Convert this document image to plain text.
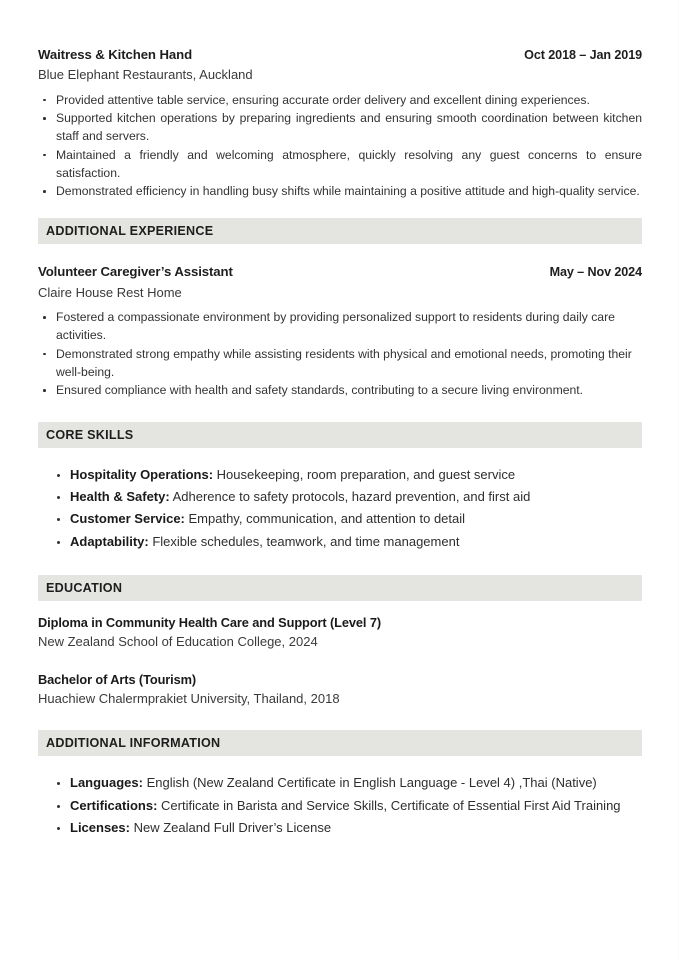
Waitress & Kitchen Hand	Oct 2018 – Jan 2019
Blue Elephant Restaurants, Auckland
Provided attentive table service, ensuring accurate order delivery and excellent dining experiences.
Supported kitchen operations by preparing ingredients and ensuring smooth coordination between kitchen staff and servers.
Maintained a friendly and welcoming atmosphere, quickly resolving any guest concerns to ensure satisfaction.
Demonstrated efficiency in handling busy shifts while maintaining a positive attitude and high-quality service.
ADDITIONAL EXPERIENCE
Volunteer Caregiver’s Assistant	May – Nov 2024
Claire House Rest Home
Fostered a compassionate environment by providing personalized support to residents during daily care activities.
Demonstrated strong empathy while assisting residents with physical and emotional needs, promoting their well-being.
Ensured compliance with health and safety standards, contributing to a secure living environment.
CORE SKILLS
Hospitality Operations: Housekeeping, room preparation, and guest service
Health & Safety: Adherence to safety protocols, hazard prevention, and first aid
Customer Service: Empathy, communication, and attention to detail
Adaptability: Flexible schedules, teamwork, and time management
EDUCATION
Diploma in Community Health Care and Support (Level 7)
New Zealand School of Education College, 2024
Bachelor of Arts (Tourism)
Huachiew Chalermprakiet University, Thailand, 2018
ADDITIONAL INFORMATION
Languages: English (New Zealand Certificate in English Language - Level 4) ,Thai (Native)
Certifications: Certificate in Barista and Service Skills, Certificate of Essential First Aid Training
Licenses: New Zealand Full Driver’s License
